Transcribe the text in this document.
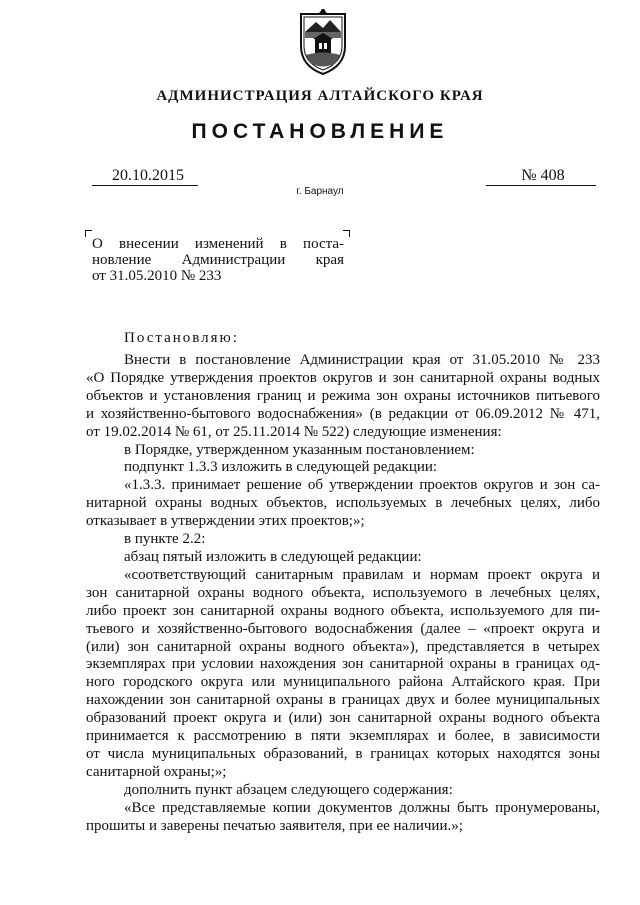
АДМИНИСТРАЦИЯ АЛТАЙСКОГО КРАЯ
ПОСТАНОВЛЕНИЕ
20.10.2015	№ 408
г. Барнаул
О внесении изменений в поста-
новление Администрации края
от 31.05.2010 № 233
Постановляю:
Внести в постановление Администрации края от 31.05.2010 № 233
«О Порядке утверждения проектов округов и зон санитарной охраны водных
объектов и установления границ и режима зон охраны источников питьевого
и хозяйственно-бытового водоснабжения» (в редакции от 06.09.2012 № 471,
от 19.02.2014 № 61, от 25.11.2014 № 522) следующие изменения:
в Порядке, утвержденном указанным постановлением:
подпункт 1.3.3 изложить в следующей редакции:
«1.3.3. принимает решение об утверждении проектов округов и зон са-
нитарной охраны водных объектов, используемых в лечебных целях, либо
отказывает в утверждении этих проектов;»;
в пункте 2.2:
абзац пятый изложить в следующей редакции:
«соответствующий санитарным правилам и нормам проект округа и
зон санитарной охраны водного объекта, используемого в лечебных целях,
либо проект зон санитарной охраны водного объекта, используемого для пи-
тьевого и хозяйственно-бытового водоснабжения (далее – «проект округа и
(или) зон санитарной охраны водного объекта»), представляется в четырех
экземплярах при условии нахождения зон санитарной охраны в границах од-
ного городского округа или муниципального района Алтайского края. При
нахождении зон санитарной охраны в границах двух и более муниципальных
образований проект округа и (или) зон санитарной охраны водного объекта
принимается к рассмотрению в пяти экземплярах и более, в зависимости
от числа муниципальных образований, в границах которых находятся зоны
санитарной охраны;»;
дополнить пункт абзацем следующего содержания:
«Все представляемые копии документов должны быть пронумерованы,
прошиты и заверены печатью заявителя, при ее наличии.»;
